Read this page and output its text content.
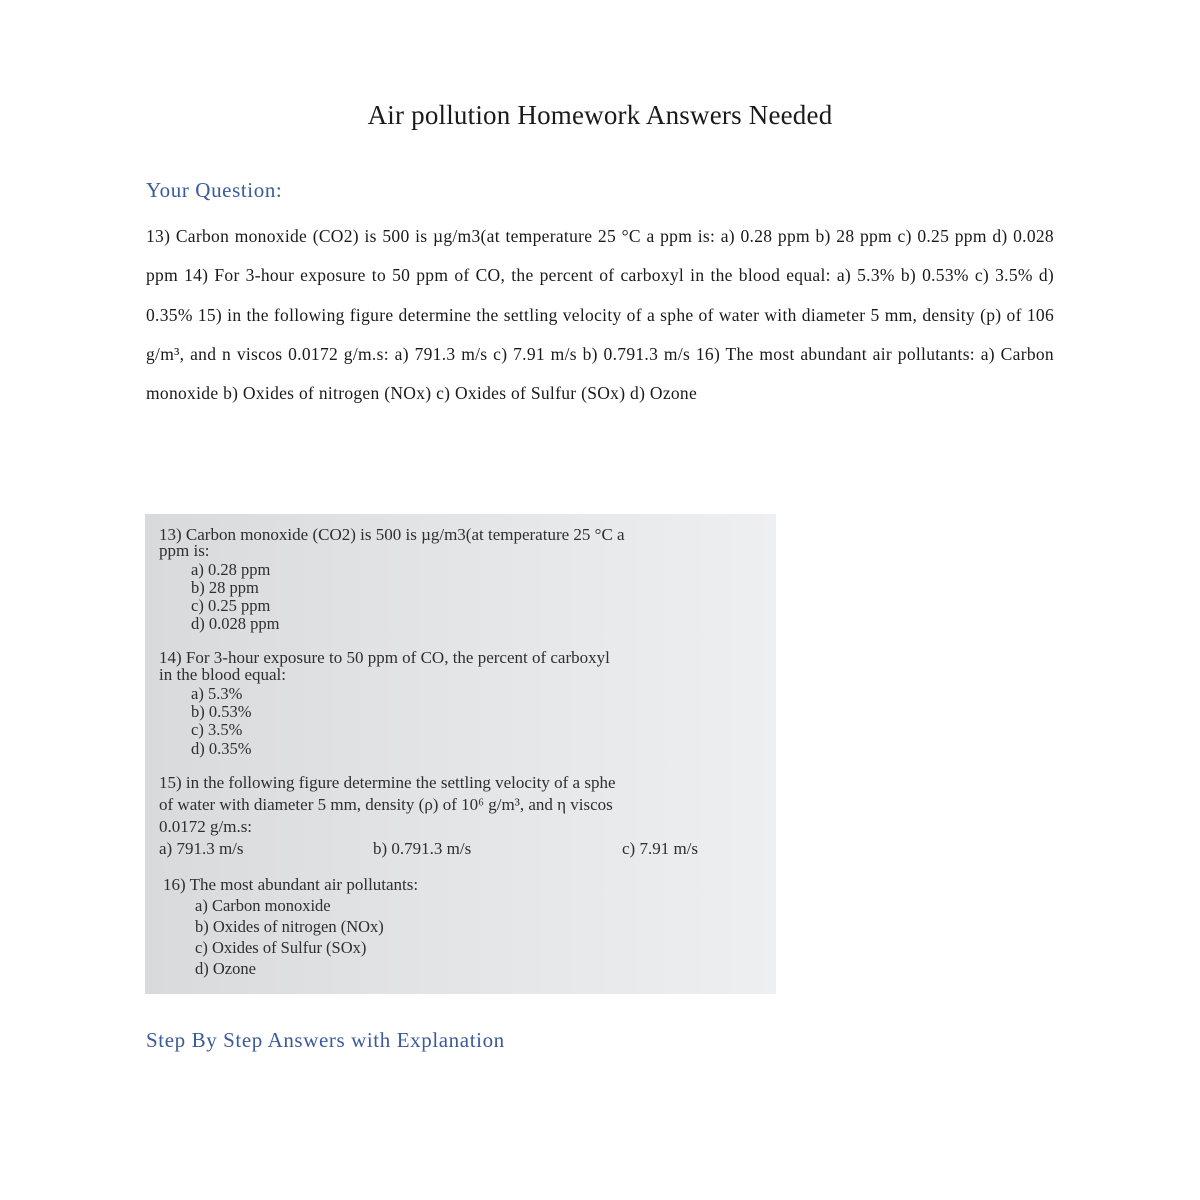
Air pollution Homework Answers Needed
Your Question:
13) Carbon monoxide (CO2) is 500 is µg/m3(at temperature 25 °C a ppm is: a) 0.28 ppm b) 28 ppm c) 0.25 ppm d) 0.028 ppm 14) For 3-hour exposure to 50 ppm of CO, the percent of carboxyl in the blood equal: a) 5.3% b) 0.53% c) 3.5% d) 0.35% 15) in the following figure determine the settling velocity of a sphe of water with diameter 5 mm, density (p) of 106 g/m³, and n viscos 0.0172 g/m.s: a) 791.3 m/s c) 7.91 m/s b) 0.791.3 m/s 16) The most abundant air pollutants: a) Carbon monoxide b) Oxides of nitrogen (NOx) c) Oxides of Sulfur (SOx) d) Ozone
13) Carbon monoxide (CO2) is 500 is µg/m3(at temperature 25 °C a
ppm is:
a) 0.28 ppm
b) 28 ppm
c) 0.25 ppm
d) 0.028 ppm
14) For 3-hour exposure to 50 ppm of CO, the percent of carboxyl
in the blood equal:
a) 5.3%
b) 0.53%
c) 3.5%
d) 0.35%
15) in the following figure determine the settling velocity of a sphe
of water with diameter 5 mm, density (ρ) of 10⁶ g/m³, and η viscos
0.0172 g/m.s:
a) 791.3 m/s	b) 0.791.3 m/s	c) 7.91 m/s
16) The most abundant air pollutants:
a) Carbon monoxide
b) Oxides of nitrogen (NOx)
c) Oxides of Sulfur (SOx)
d) Ozone
Step By Step Answers with Explanation
